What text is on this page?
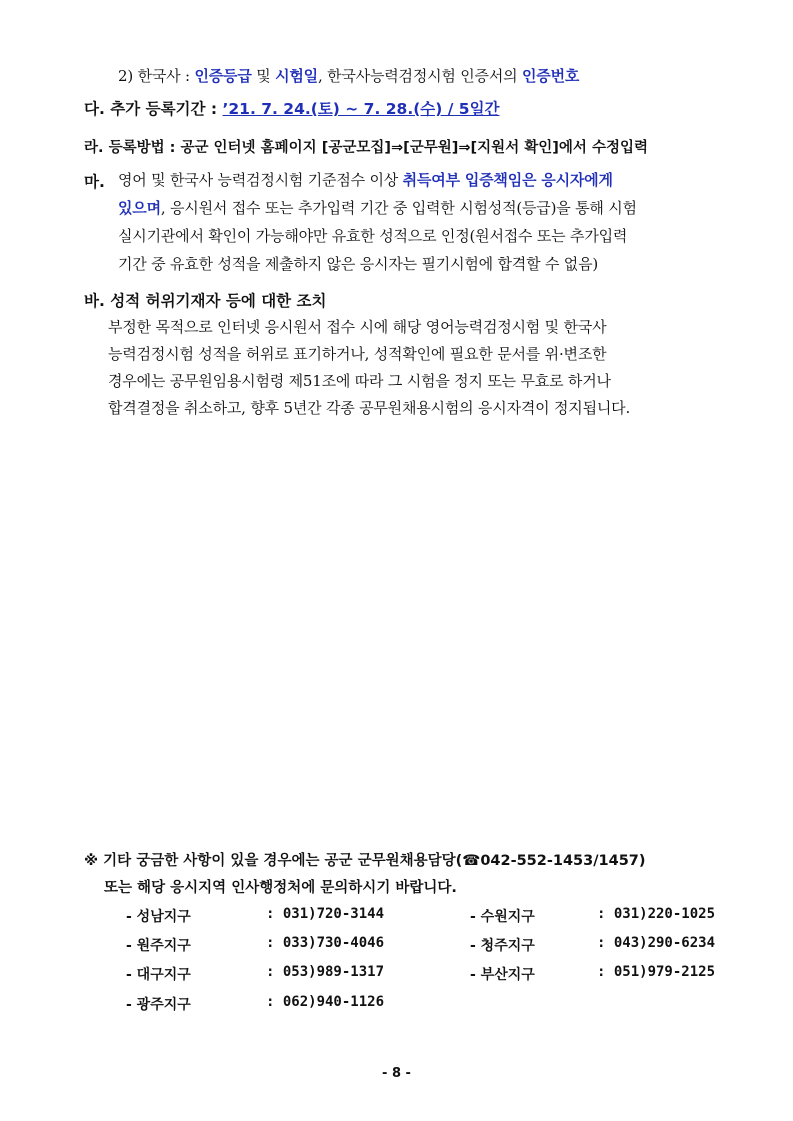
2) 한국사 : 인증등급 및 시험일, 한국사능력검정시험 인증서의 인증번호
다. 추가 등록기간 : ’21. 7. 24.(토) ~ 7. 28.(수) / 5일간
라. 등록방법 : 공군 인터넷 홈페이지 [공군모집]⇒[군무원]⇒[지원서 확인]에서 수정입력
마. 영어 및 한국사 능력검정시험 기준점수 이상 취득여부 입증책임은 응시자에게
있으며, 응시원서 접수 또는 추가입력 기간 중 입력한 시험성적(등급)을 통해 시험
실시기관에서 확인이 가능해야만 유효한 성적으로 인정(원서접수 또는 추가입력
기간 중 유효한 성적을 제출하지 않은 응시자는 필기시험에 합격할 수 없음)
바. 성적 허위기재자 등에 대한 조치
부정한 목적으로 인터넷 응시원서 접수 시에 해당 영어능력검정시험 및 한국사
능력검정시험 성적을 허위로 표기하거나, 성적확인에 필요한 문서를 위·변조한
경우에는 공무원임용시험령 제51조에 따라 그 시험을 정지 또는 무효로 하거나
합격결정을 취소하고, 향후 5년간 각종 공무원채용시험의 응시자격이 정지됩니다.
※ 기타 궁금한 사항이 있을 경우에는 공군 군무원채용담당(☎042-552-1453/1457)
또는 해당 응시지역 인사행정처에 문의하시기 바랍니다.
- 성남지구	: 031)720-3144	- 수원지구	: 031)220-1025
- 원주지구	: 033)730-4046	- 청주지구	: 043)290-6234
- 대구지구	: 053)989-1317	- 부산지구	: 051)979-2125
- 광주지구	: 062)940-1126
- 8 -
